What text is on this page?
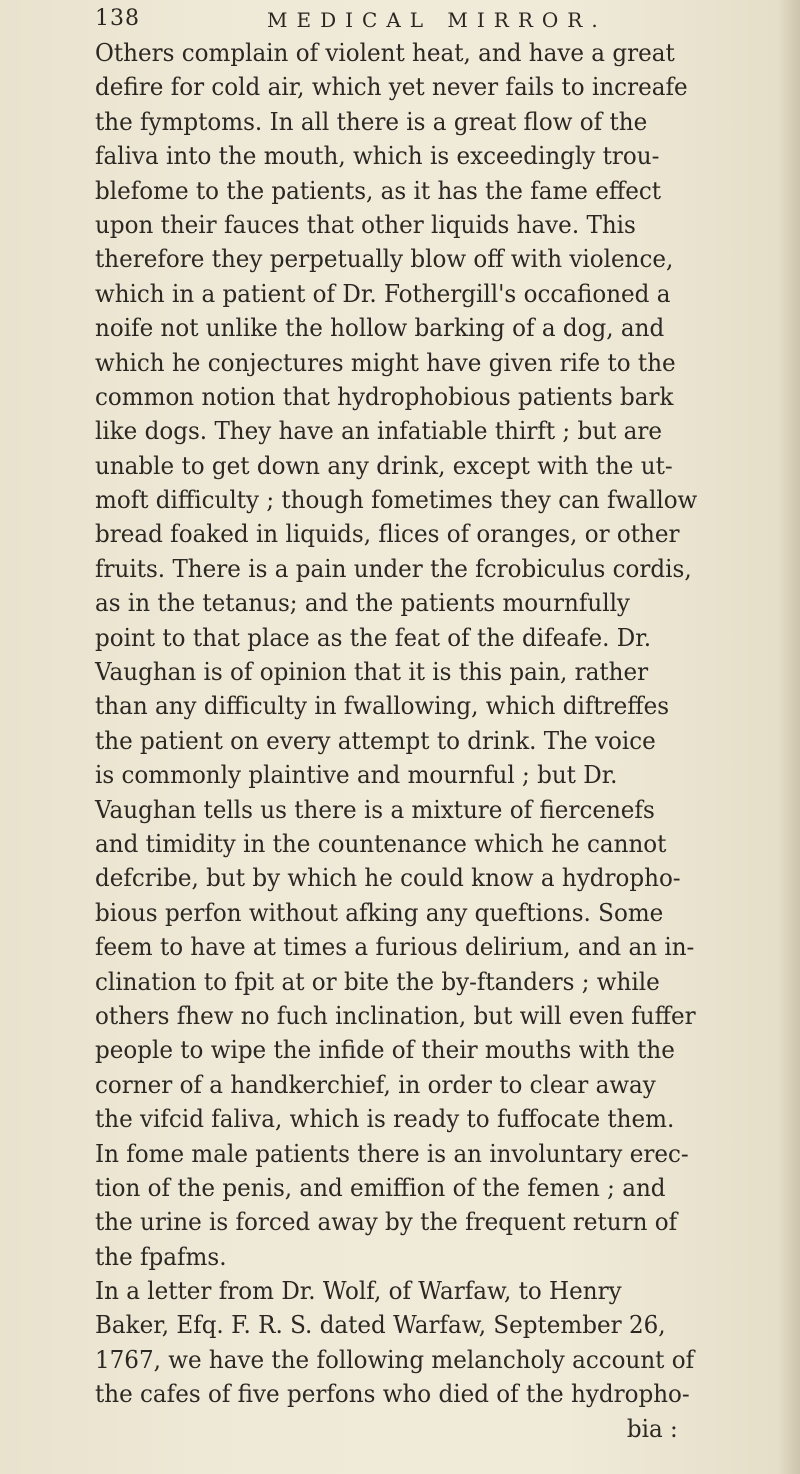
138	MEDICAL MIRROR.
Others complain of violent heat, and have a great
defire for cold air, which yet never fails to increafe
the fymptoms. In all there is a great flow of the
faliva into the mouth, which is exceedingly trou-
blefome to the patients, as it has the fame effect
upon their fauces that other liquids have. This
therefore they perpetually blow off with violence,
which in a patient of Dr. Fothergill's occafioned a
noife not unlike the hollow barking of a dog, and
which he conjectures might have given rife to the
common notion that hydrophobious patients bark
like dogs. They have an infatiable thirft ; but are
unable to get down any drink, except with the ut-
moft difficulty ; though fometimes they can fwallow
bread foaked in liquids, flices of oranges, or other
fruits. There is a pain under the fcrobiculus cordis,
as in the tetanus; and the patients mournfully
point to that place as the feat of the difeafe. Dr.
Vaughan is of opinion that it is this pain, rather
than any difficulty in fwallowing, which diftreffes
the patient on every attempt to drink. The voice
is commonly plaintive and mournful ; but Dr.
Vaughan tells us there is a mixture of fiercenefs
and timidity in the countenance which he cannot
defcribe, but by which he could know a hydropho-
bious perfon without afking any queftions. Some
feem to have at times a furious delirium, and an in-
clination to fpit at or bite the by-ftanders ; while
others fhew no fuch inclination, but will even fuffer
people to wipe the infide of their mouths with the
corner of a handkerchief, in order to clear away
the vifcid faliva, which is ready to fuffocate them.
In fome male patients there is an involuntary erec-
tion of the penis, and emiffion of the femen ; and
the urine is forced away by the frequent return of
the fpafms.
In a letter from Dr. Wolf, of Warfaw, to Henry
Baker, Efq. F. R. S. dated Warfaw, September 26,
1767, we have the following melancholy account of
the cafes of five perfons who died of the hydropho-
bia :
